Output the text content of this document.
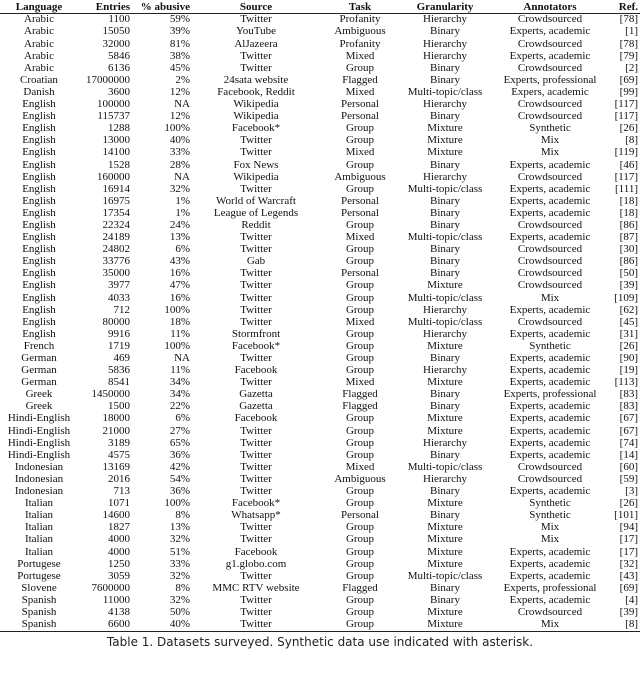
Language	Entries	% abusive	Source	Task	Granularity	Annotators	Ref.
Arabic	1100	59%	Twitter	Profanity	Hierarchy	Crowdsourced	[78]
Arabic	15050	39%	YouTube	Ambiguous	Binary	Experts, academic	[1]
Arabic	32000	81%	AlJazeera	Profanity	Hierarchy	Crowdsourced	[78]
Arabic	5846	38%	Twitter	Mixed	Hierarchy	Experts, academic	[79]
Arabic	6136	45%	Twitter	Group	Binary	Crowdsourced	[2]
Croatian	17000000	2%	24sata website	Flagged	Binary	Experts, professional	[69]
Danish	3600	12%	Facebook, Reddit	Mixed	Multi-topic/class	Expers, academic	[99]
English	100000	NA	Wikipedia	Personal	Hierarchy	Crowdsourced	[117]
English	115737	12%	Wikipedia	Personal	Binary	Crowdsourced	[117]
English	1288	100%	Facebook*	Group	Mixture	Synthetic	[26]
English	13000	40%	Twitter	Group	Mixture	Mix	[8]
English	14100	33%	Twitter	Mixed	Mixture	Mix	[119]
English	1528	28%	Fox News	Group	Binary	Experts, academic	[46]
English	160000	NA	Wikipedia	Ambiguous	Hierarchy	Crowdsourced	[117]
English	16914	32%	Twitter	Group	Multi-topic/class	Experts, academic	[111]
English	16975	1%	World of Warcraft	Personal	Binary	Experts, academic	[18]
English	17354	1%	League of Legends	Personal	Binary	Experts, academic	[18]
English	22324	24%	Reddit	Group	Binary	Crowdsourced	[86]
English	24189	13%	Twitter	Mixed	Multi-topic/class	Experts, academic	[87]
English	24802	6%	Twitter	Group	Binary	Crowdsourced	[30]
English	33776	43%	Gab	Group	Binary	Crowdsourced	[86]
English	35000	16%	Twitter	Personal	Binary	Crowdsourced	[50]
English	3977	47%	Twitter	Group	Mixture	Crowdsourced	[39]
English	4033	16%	Twitter	Group	Multi-topic/class	Mix	[109]
English	712	100%	Twitter	Group	Hierarchy	Experts, academic	[62]
English	80000	18%	Twitter	Mixed	Multi-topic/class	Crowdsourced	[45]
English	9916	11%	Stormfront	Group	Hierarchy	Experts, academic	[31]
French	1719	100%	Facebook*	Group	Mixture	Synthetic	[26]
German	469	NA	Twitter	Group	Binary	Experts, academic	[90]
German	5836	11%	Facebook	Group	Hierarchy	Experts, academic	[19]
German	8541	34%	Twitter	Mixed	Mixture	Experts, academic	[113]
Greek	1450000	34%	Gazetta	Flagged	Binary	Experts, professional	[83]
Greek	1500	22%	Gazetta	Flagged	Binary	Experts, academic	[83]
Hindi-English	18000	6%	Facebook	Group	Mixture	Experts, academic	[67]
Hindi-English	21000	27%	Twitter	Group	Mixture	Experts, academic	[67]
Hindi-English	3189	65%	Twitter	Group	Hierarchy	Experts, academic	[74]
Hindi-English	4575	36%	Twitter	Group	Binary	Experts, academic	[14]
Indonesian	13169	42%	Twitter	Mixed	Multi-topic/class	Crowdsourced	[60]
Indonesian	2016	54%	Twitter	Ambiguous	Hierarchy	Crowdsourced	[59]
Indonesian	713	36%	Twitter	Group	Binary	Experts, academic	[3]
Italian	1071	100%	Facebook*	Group	Mixture	Synthetic	[26]
Italian	14600	8%	Whatsapp*	Personal	Binary	Synthetic	[101]
Italian	1827	13%	Twitter	Group	Mixture	Mix	[94]
Italian	4000	32%	Twitter	Group	Mixture	Mix	[17]
Italian	4000	51%	Facebook	Group	Mixture	Experts, academic	[17]
Portugese	1250	33%	g1.globo.com	Group	Mixture	Experts, academic	[32]
Portugese	3059	32%	Twitter	Group	Multi-topic/class	Experts, academic	[43]
Slovene	7600000	8%	MMC RTV website	Flagged	Binary	Experts, professional	[69]
Spanish	11000	32%	Twitter	Group	Binary	Experts, academic	[4]
Spanish	4138	50%	Twitter	Group	Mixture	Crowdsourced	[39]
Spanish	6600	40%	Twitter	Group	Mixture	Mix	[8]
Table 1. Datasets surveyed. Synthetic data use indicated with asterisk.
